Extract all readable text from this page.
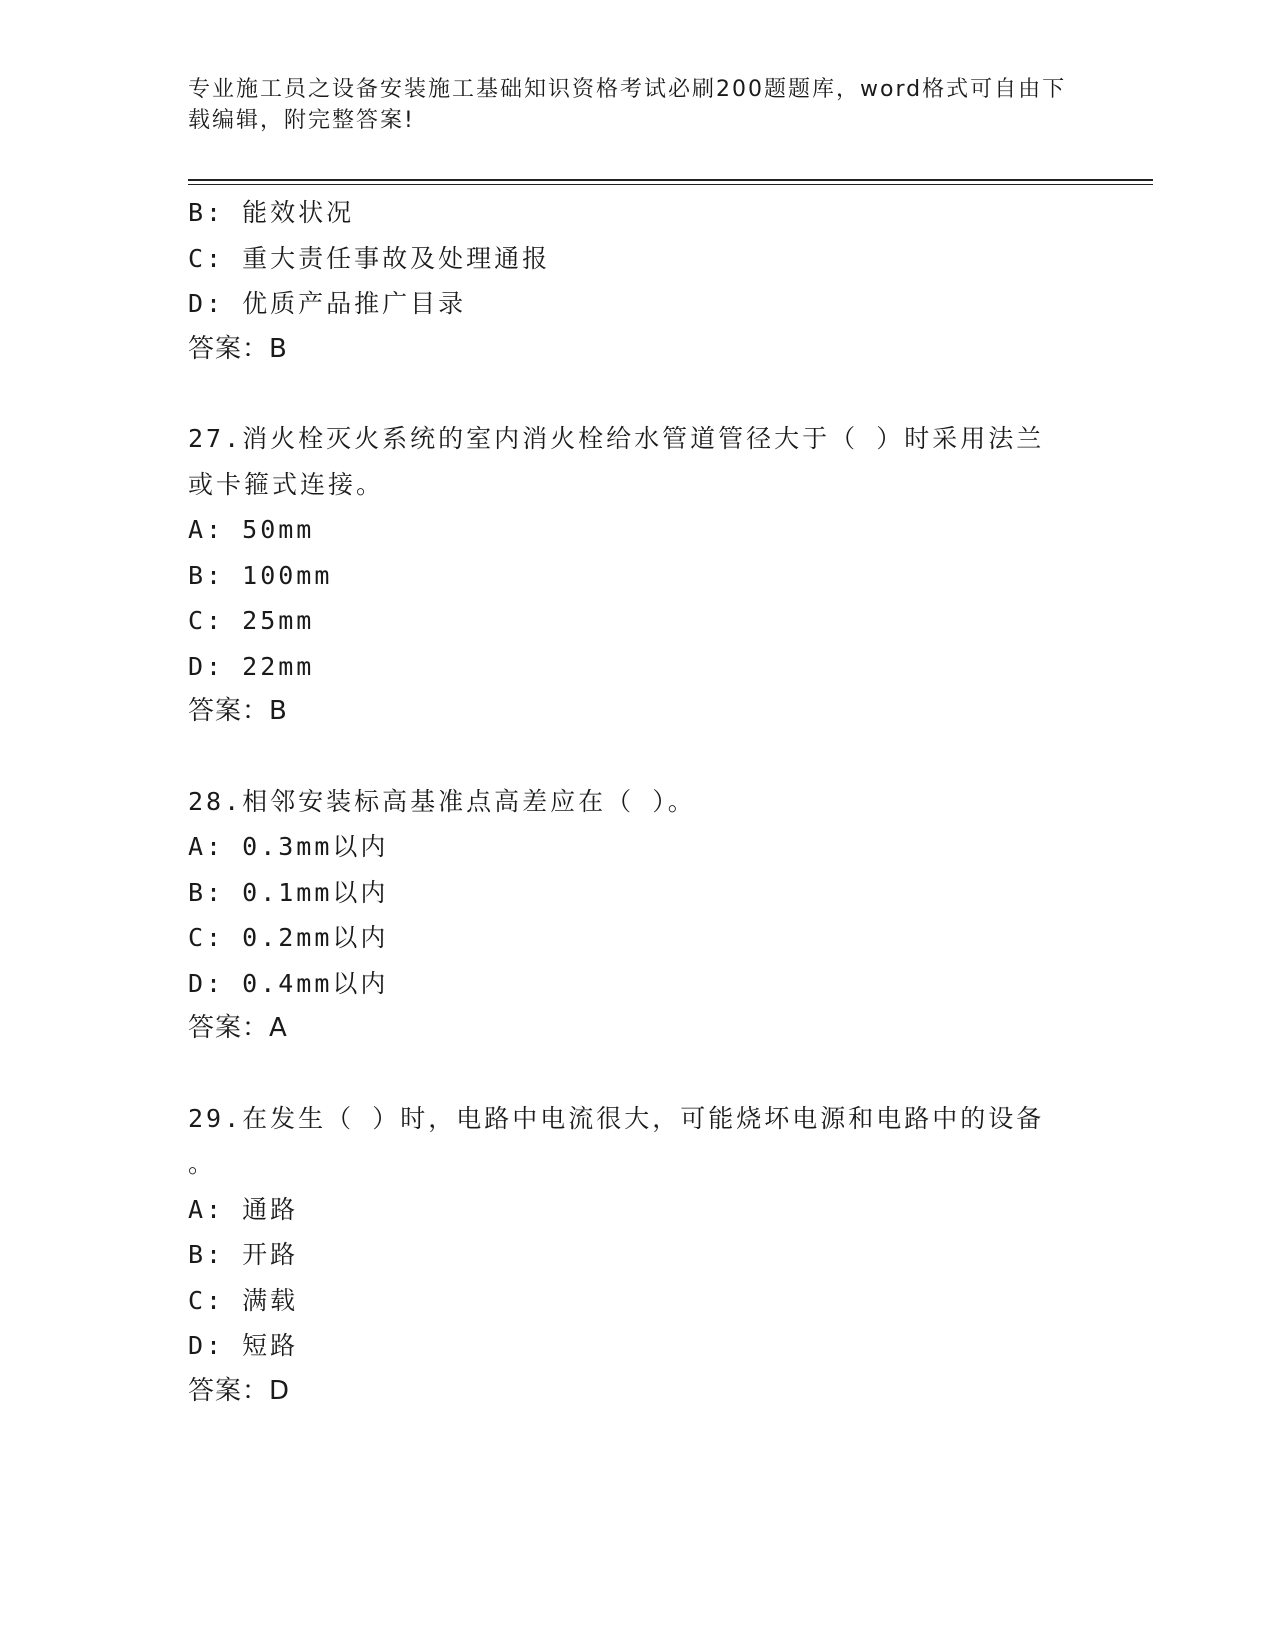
专业施工员之设备安装施工基础知识资格考试必刷200题题库，word格式可自由下载编辑，附完整答案!
B: 能效状况
C: 重大责任事故及处理通报
D: 优质产品推广目录
答案：B
27.消火栓灭火系统的室内消火栓给水管道管径大于（ ）时采用法兰
或卡箍式连接。
A: 50mm
B: 100mm
C: 25mm
D: 22mm
答案：B
28.相邻安装标高基准点高差应在（ ）。
A: 0.3mm以内
B: 0.1mm以内
C: 0.2mm以内
D: 0.4mm以内
答案：A
29.在发生（ ）时，电路中电流很大，可能烧坏电源和电路中的设备
。
A: 通路
B: 开路
C: 满载
D: 短路
答案：D
